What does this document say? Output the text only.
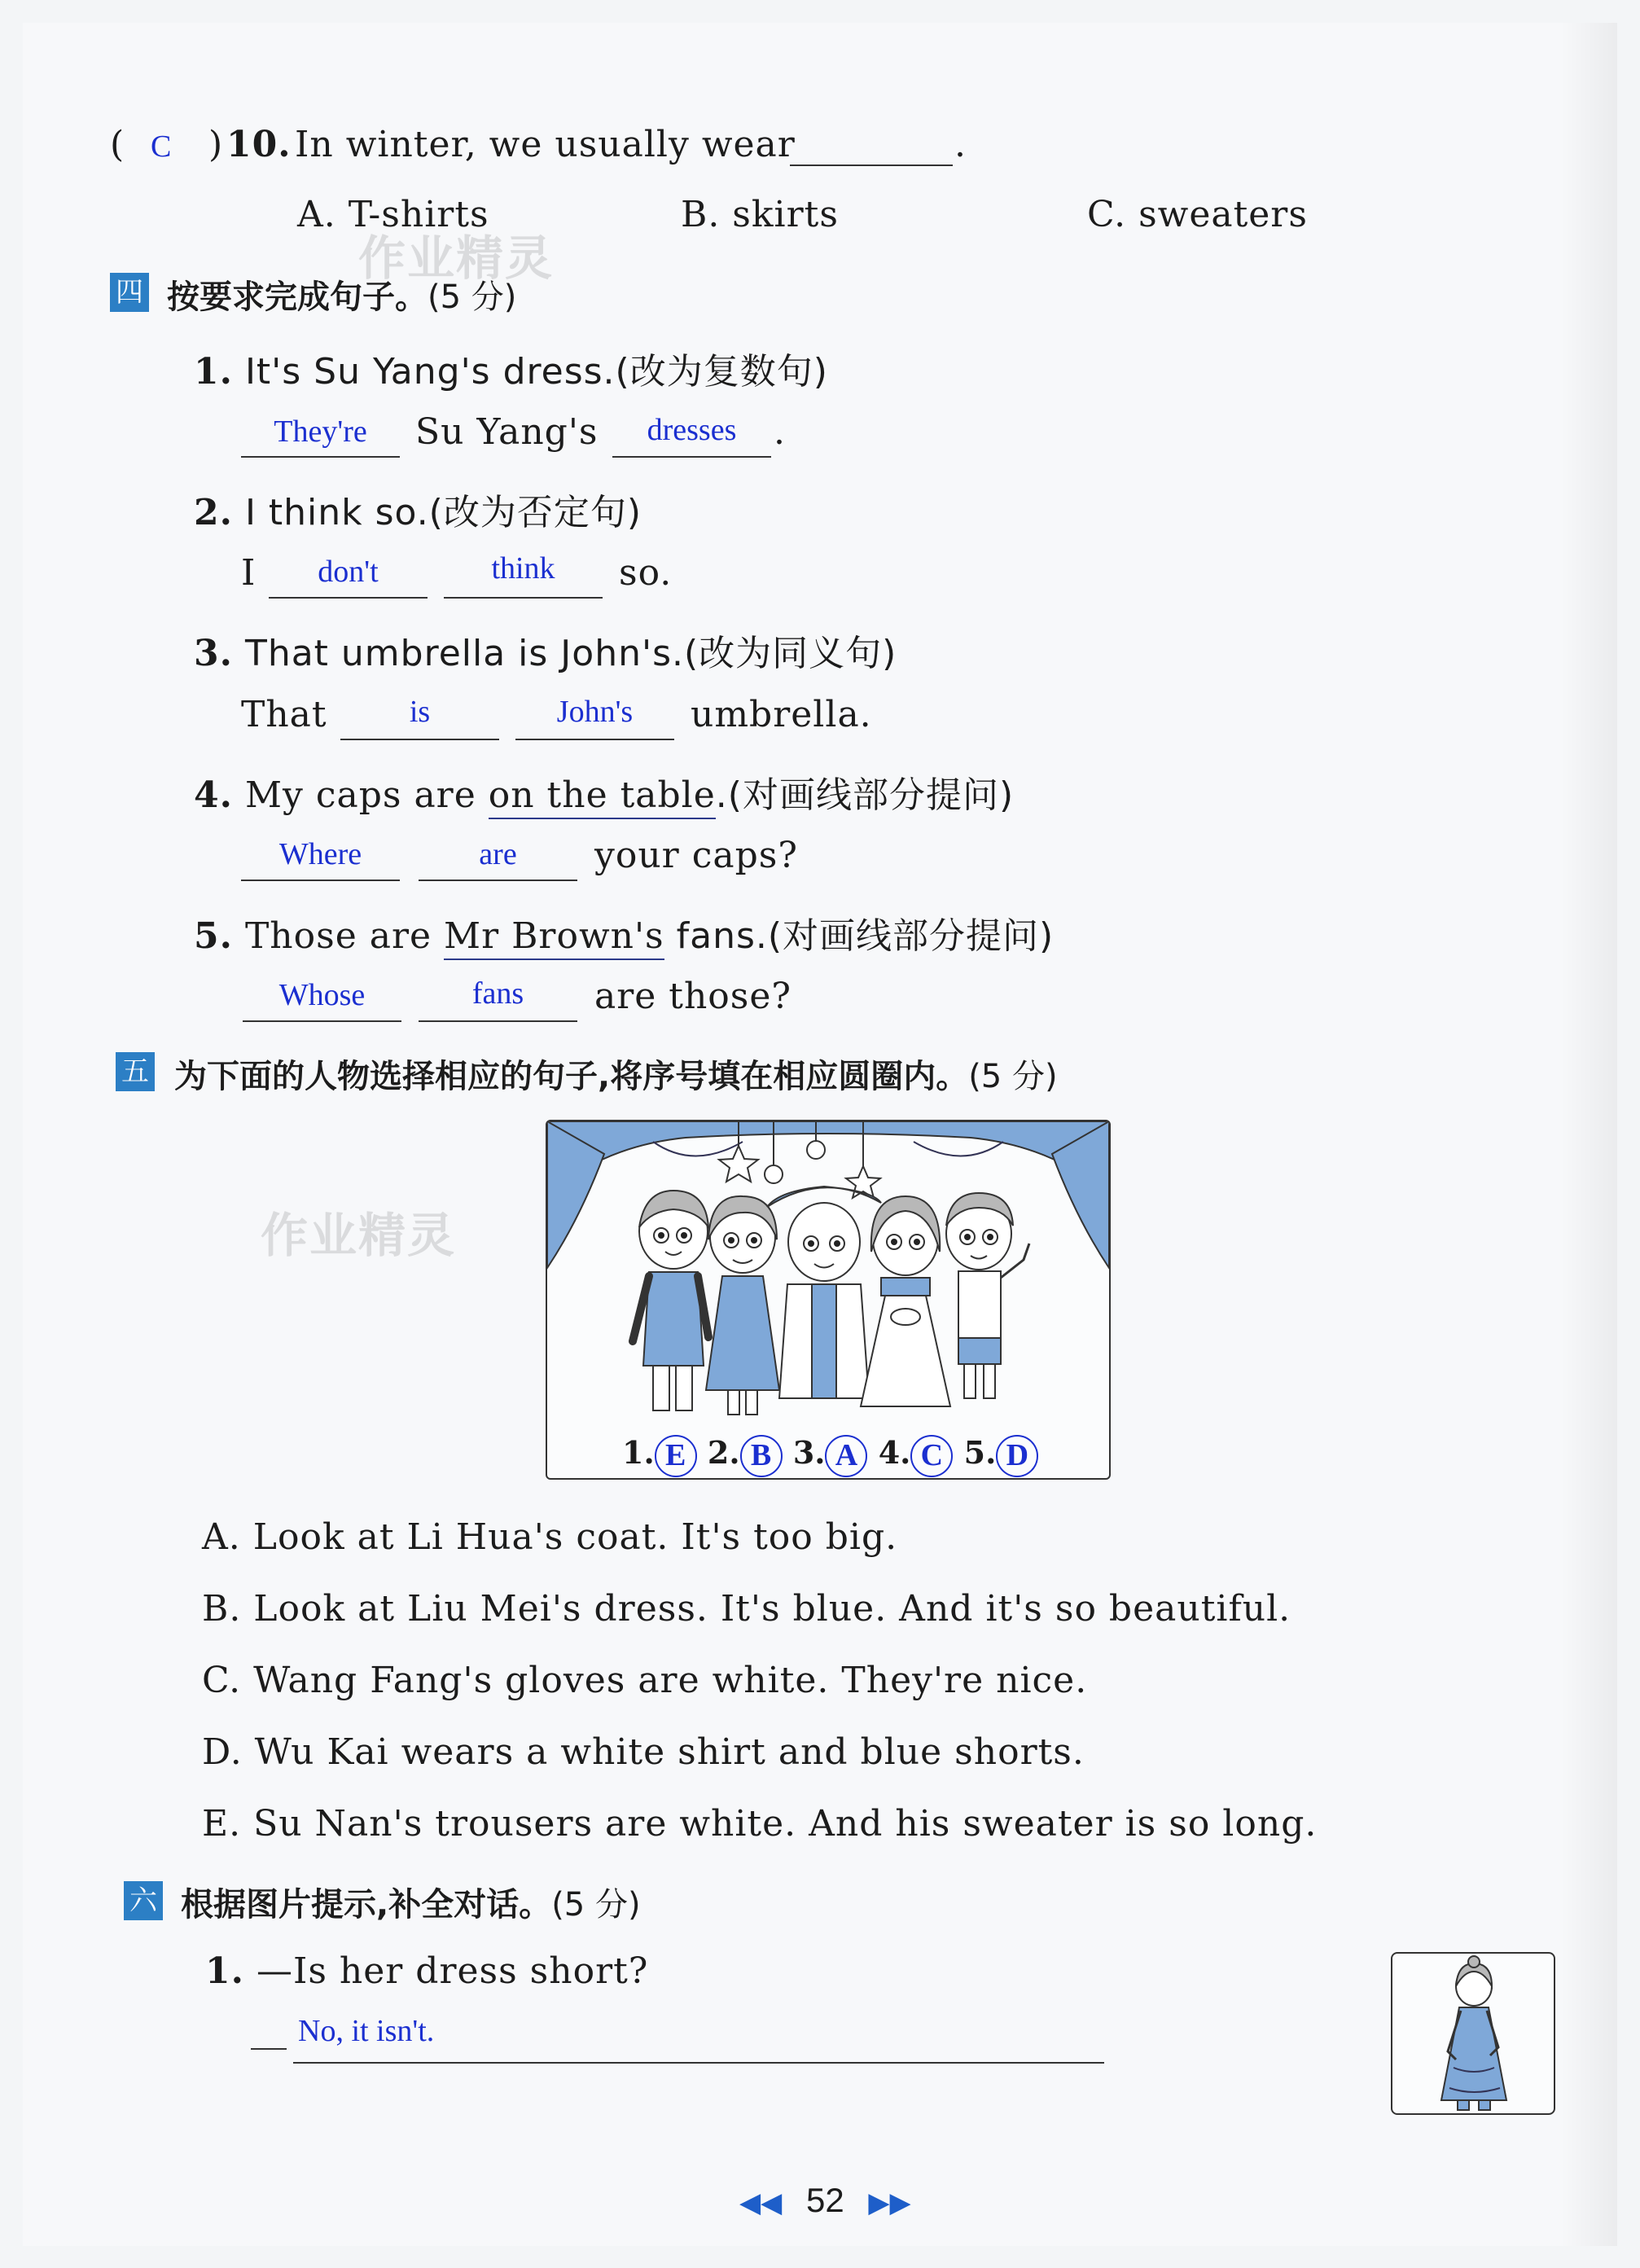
( C ) 10. In winter, we usually wear	.
A. T-shirts	B. skirts	C. sweaters
作业精灵
四 按要求完成句子。(5 分)
1. It's Su Yang's dress.(改为复数句)
They're	Su Yang's	dresses	.
2. I think so.(改为否定句)
I	don't	think	so.
3. That umbrella is John's.(改为同义句)
That	is	John's	umbrella.
4. My caps are on the table.(对画线部分提问)
Where	are	your caps?
5. Those are Mr Brown's fans.(对画线部分提问)
Whose	fans	are those?
五 为下面的人物选择相应的句子,将序号填在相应圆圈内。(5 分)
作业精灵
1. E 2. B 3. A 4. C 5. D
A. Look at Li Hua's coat. It's too big.
B. Look at Liu Mei's dress. It's blue. And it's so beautiful.
C. Wang Fang's gloves are white. They're nice.
D. Wu Kai wears a white shirt and blue shorts.
E. Su Nan's trousers are white. And his sweater is so long.
六 根据图片提示,补全对话。(5 分)
1. —Is her dress short?
No, it isn't.
◀◀ 52 ▶▶
